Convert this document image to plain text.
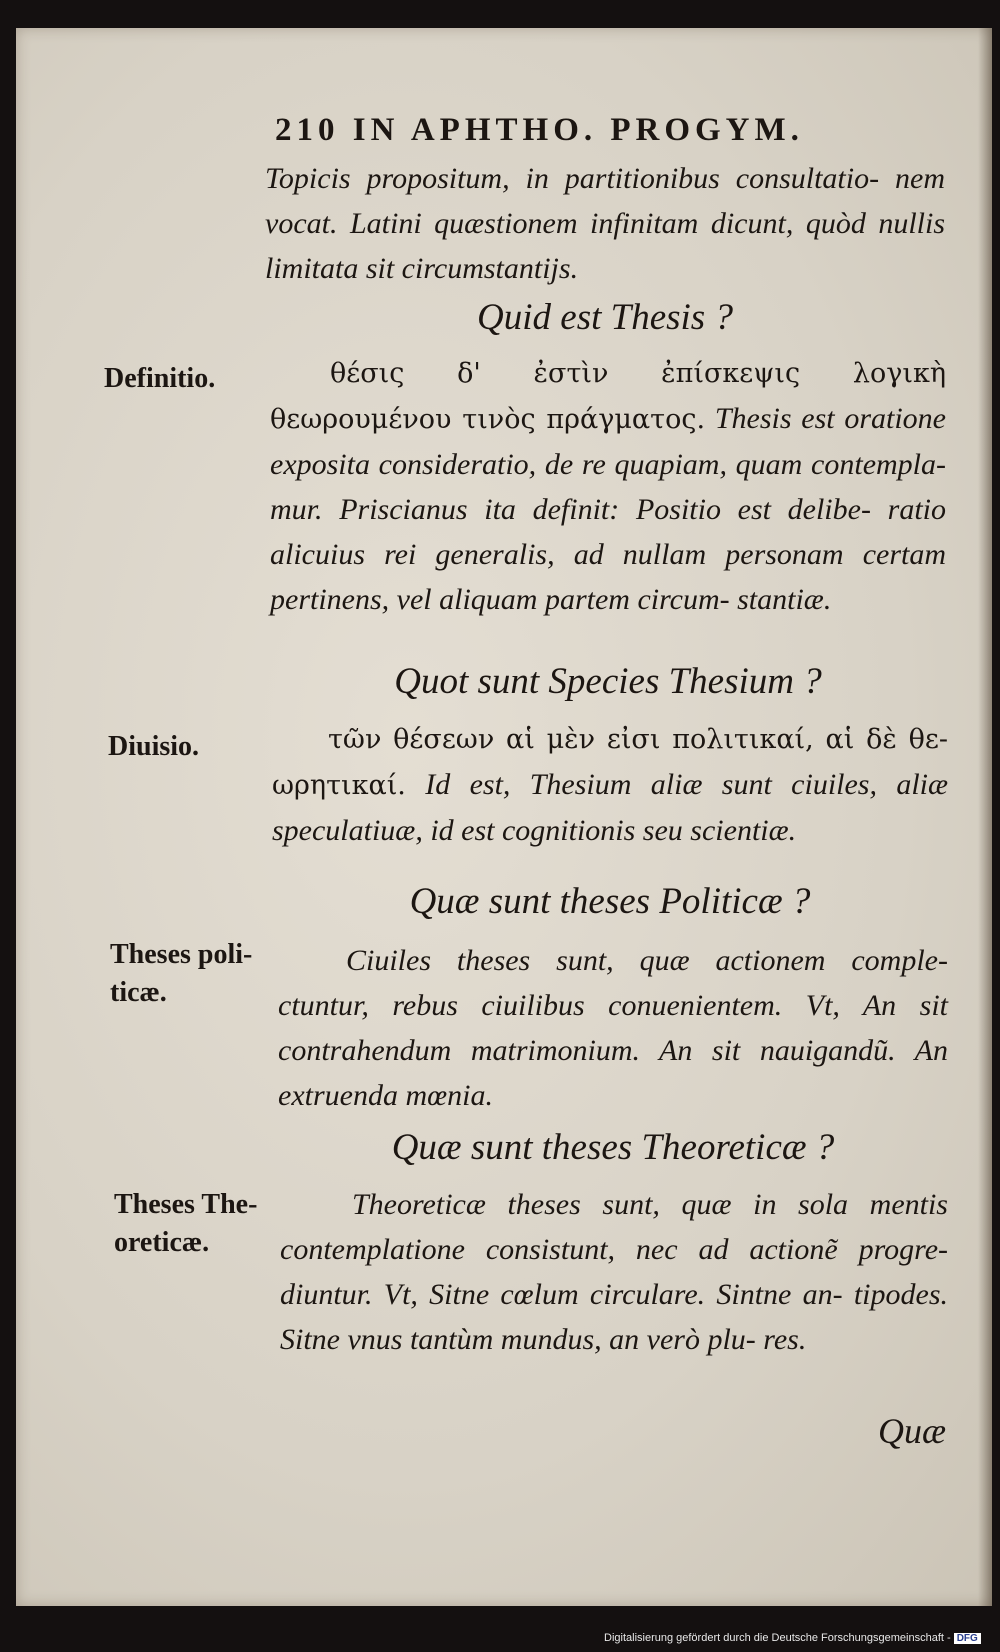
210 IN APHTHO. PROGYM.
Topicis propositum, in partitionibus consultatio- nem vocat. Latini quæstionem infinitam dicunt, quòd nullis limitata sit circumstantijs.
Quid est Thesis ?
Definitio.	θέσις δ' ἐστὶν ἐπίσκεψις λογικὴ θεωρουμένου τινὸς πράγματος. Thesis est oratione exposita consideratio, de re quapiam, quam contempla- mur. Priscianus ita definit: Positio est delibe- ratio alicuius rei generalis, ad nullam personam certam pertinens, vel aliquam partem circum- stantiæ.
Quot sunt Species Thesium ?
Diuisio.	τῶν θέσεων αἱ μὲν εἰσι πολιτικαί, αἱ δὲ θε- ωρητικαί. Id est, Thesium aliæ sunt ciuiles, aliæ speculatiuæ, id est cognitionis seu scientiæ.
Quæ sunt theses Politicæ ?
Theses poli- ticæ.
Ciuiles theses sunt, quæ actionem comple- ctuntur, rebus ciuilibus conuenientem. Vt, An sit contrahendum matrimonium. An sit nauigandũ. An extruenda mœnia.
Quæ sunt theses Theoreticæ ?
Theses The- oreticæ.
Theoreticæ theses sunt, quæ in sola mentis contemplatione consistunt, nec ad actionẽ progre- diuntur. Vt, Sitne cœlum circulare. Sintne an- tipodes. Sitne vnus tantùm mundus, an verò plu- res.
Quæ
Digitalisierung gefördert durch die Deutsche Forschungsgemeinschaft - DFG
